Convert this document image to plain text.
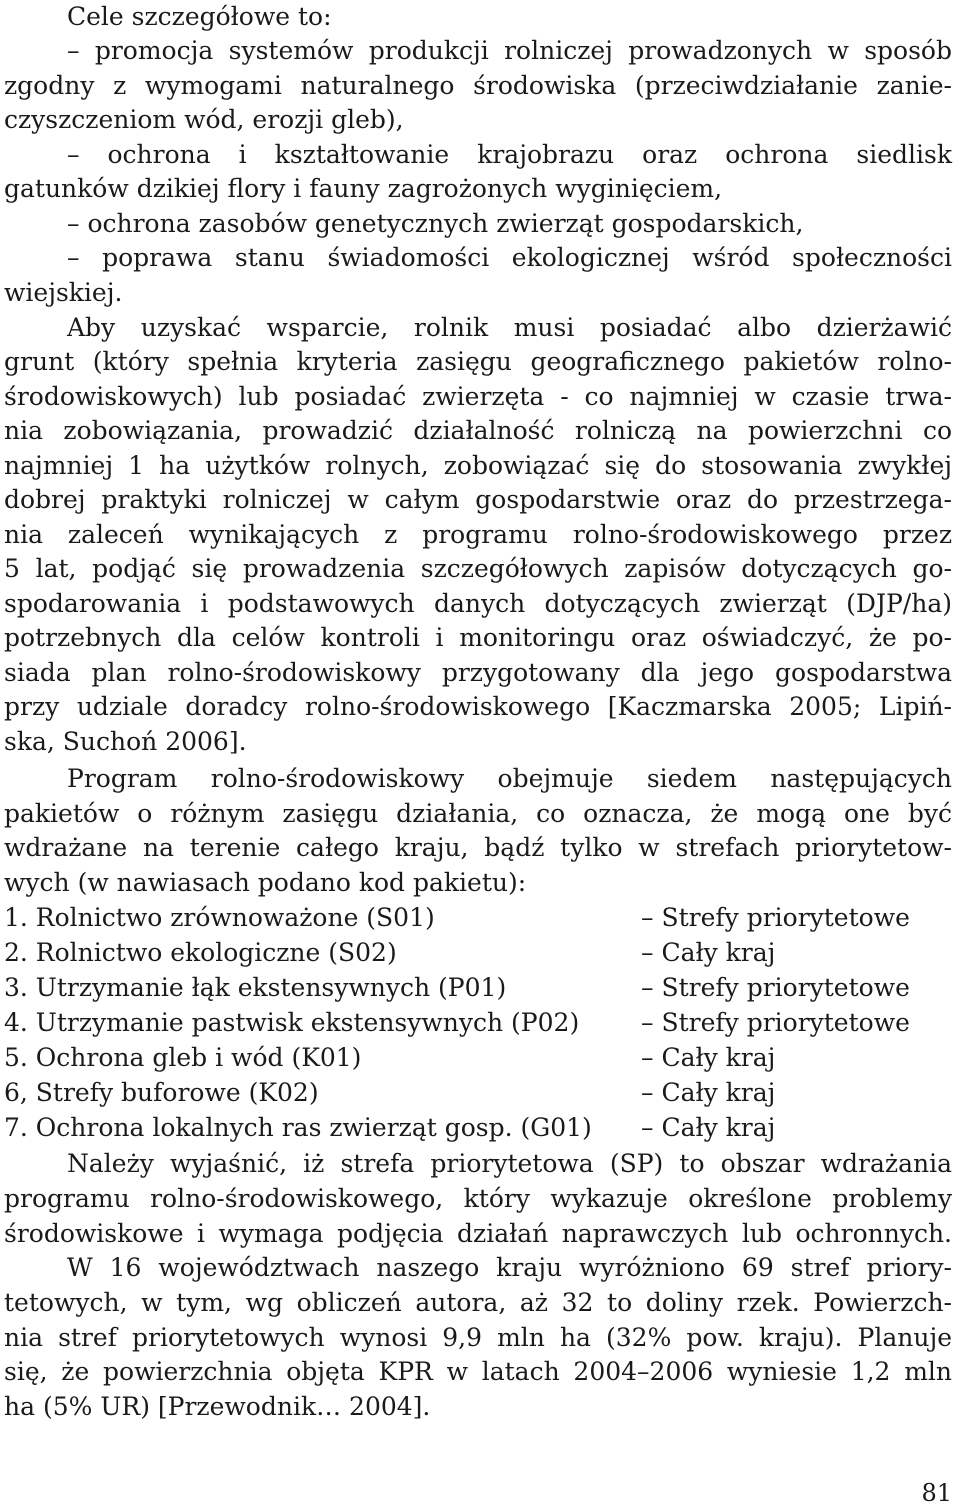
Cele szczegółowe to:
– promocja systemów produkcji rolniczej prowadzonych w sposób
zgodny z wymogami naturalnego środowiska (przeciwdziałanie zanie-
czyszczeniom wód, erozji gleb),
– ochrona i kształtowanie krajobrazu oraz ochrona siedlisk
gatunków dzikiej flory i fauny zagrożonych wyginięciem,
– ochrona zasobów genetycznych zwierząt gospodarskich,
– poprawa stanu świadomości ekologicznej wśród społeczności
wiejskiej.
Aby uzyskać wsparcie, rolnik musi posiadać albo dzierżawić
grunt (który spełnia kryteria zasięgu geograficznego pakietów rolno-
środowiskowych) lub posiadać zwierzęta - co najmniej w czasie trwa-
nia zobowiązania, prowadzić działalność rolniczą na powierzchni co
najmniej 1 ha użytków rolnych, zobowiązać się do stosowania zwykłej
dobrej praktyki rolniczej w całym gospodarstwie oraz do przestrzega-
nia zaleceń wynikających z programu rolno-środowiskowego przez
5 lat, podjąć się prowadzenia szczegółowych zapisów dotyczących go-
spodarowania i podstawowych danych dotyczących zwierząt (DJP/ha)
potrzebnych dla celów kontroli i monitoringu oraz oświadczyć, że po-
siada plan rolno-środowiskowy przygotowany dla jego gospodarstwa
przy udziale doradcy rolno-środowiskowego [Kaczmarska 2005; Lipiń-
ska, Suchoń 2006].
Program rolno-środowiskowy obejmuje siedem następujących
pakietów o różnym zasięgu działania, co oznacza, że mogą one być
wdrażane na terenie całego kraju, bądź tylko w strefach priorytetow-
wych (w nawiasach podano kod pakietu):
1. Rolnictwo zrównoważone (S01)	– Strefy priorytetowe
2. Rolnictwo ekologiczne (S02)	– Cały kraj
3. Utrzymanie łąk ekstensywnych (P01)	– Strefy priorytetowe
4. Utrzymanie pastwisk ekstensywnych (P02) – Strefy priorytetowe
5. Ochrona gleb i wód (K01)	– Cały kraj
6, Strefy buforowe (K02)	– Cały kraj
7. Ochrona lokalnych ras zwierząt gosp. (G01) – Cały kraj
Należy wyjaśnić, iż strefa priorytetowa (SP) to obszar wdrażania
programu rolno-środowiskowego, który wykazuje określone problemy
środowiskowe i wymaga podjęcia działań naprawczych lub ochronnych.
W 16 województwach naszego kraju wyróżniono 69 stref priory-
tetowych, w tym, wg obliczeń autora, aż 32 to doliny rzek. Powierzch-
nia stref priorytetowych wynosi 9,9 mln ha (32% pow. kraju). Planuje
się, że powierzchnia objęta KPR w latach 2004–2006 wyniesie 1,2 mln
ha (5% UR) [Przewodnik… 2004].
81
